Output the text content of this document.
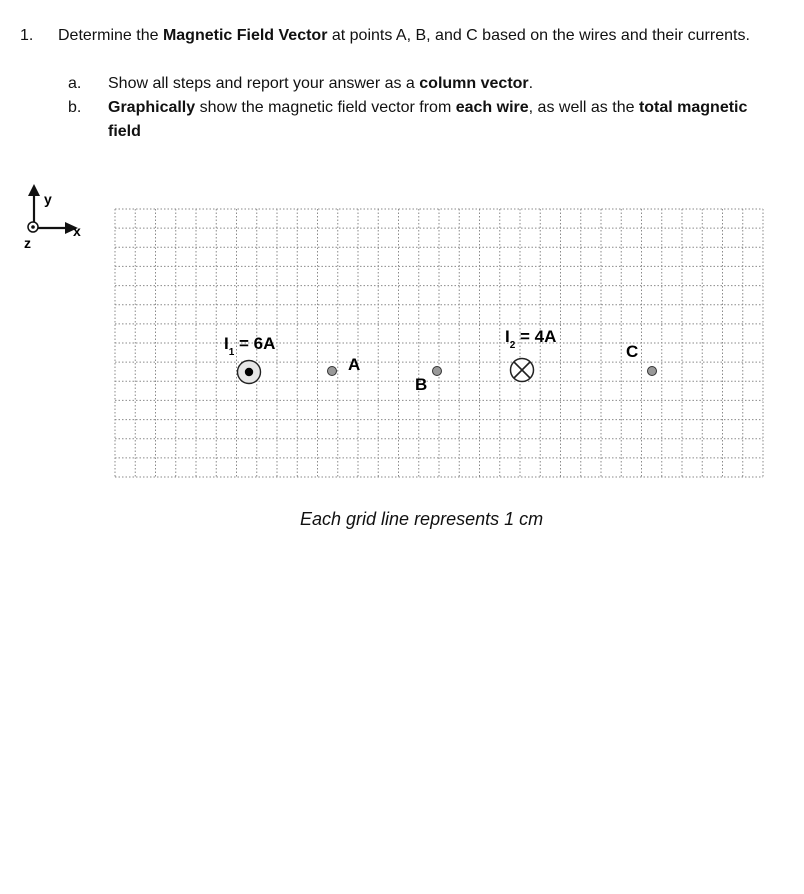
1. Determine the Magnetic Field Vector at points A, B, and C based on the wires and their currents.
a. Show all steps and report your answer as a column vector.
b. Graphically show the magnetic field vector from each wire, as well as the total magnetic field
y
x
z
$I_1 = 6A$	$I_2 = 4A$
A
B
C
Each grid line represents 1 cm
